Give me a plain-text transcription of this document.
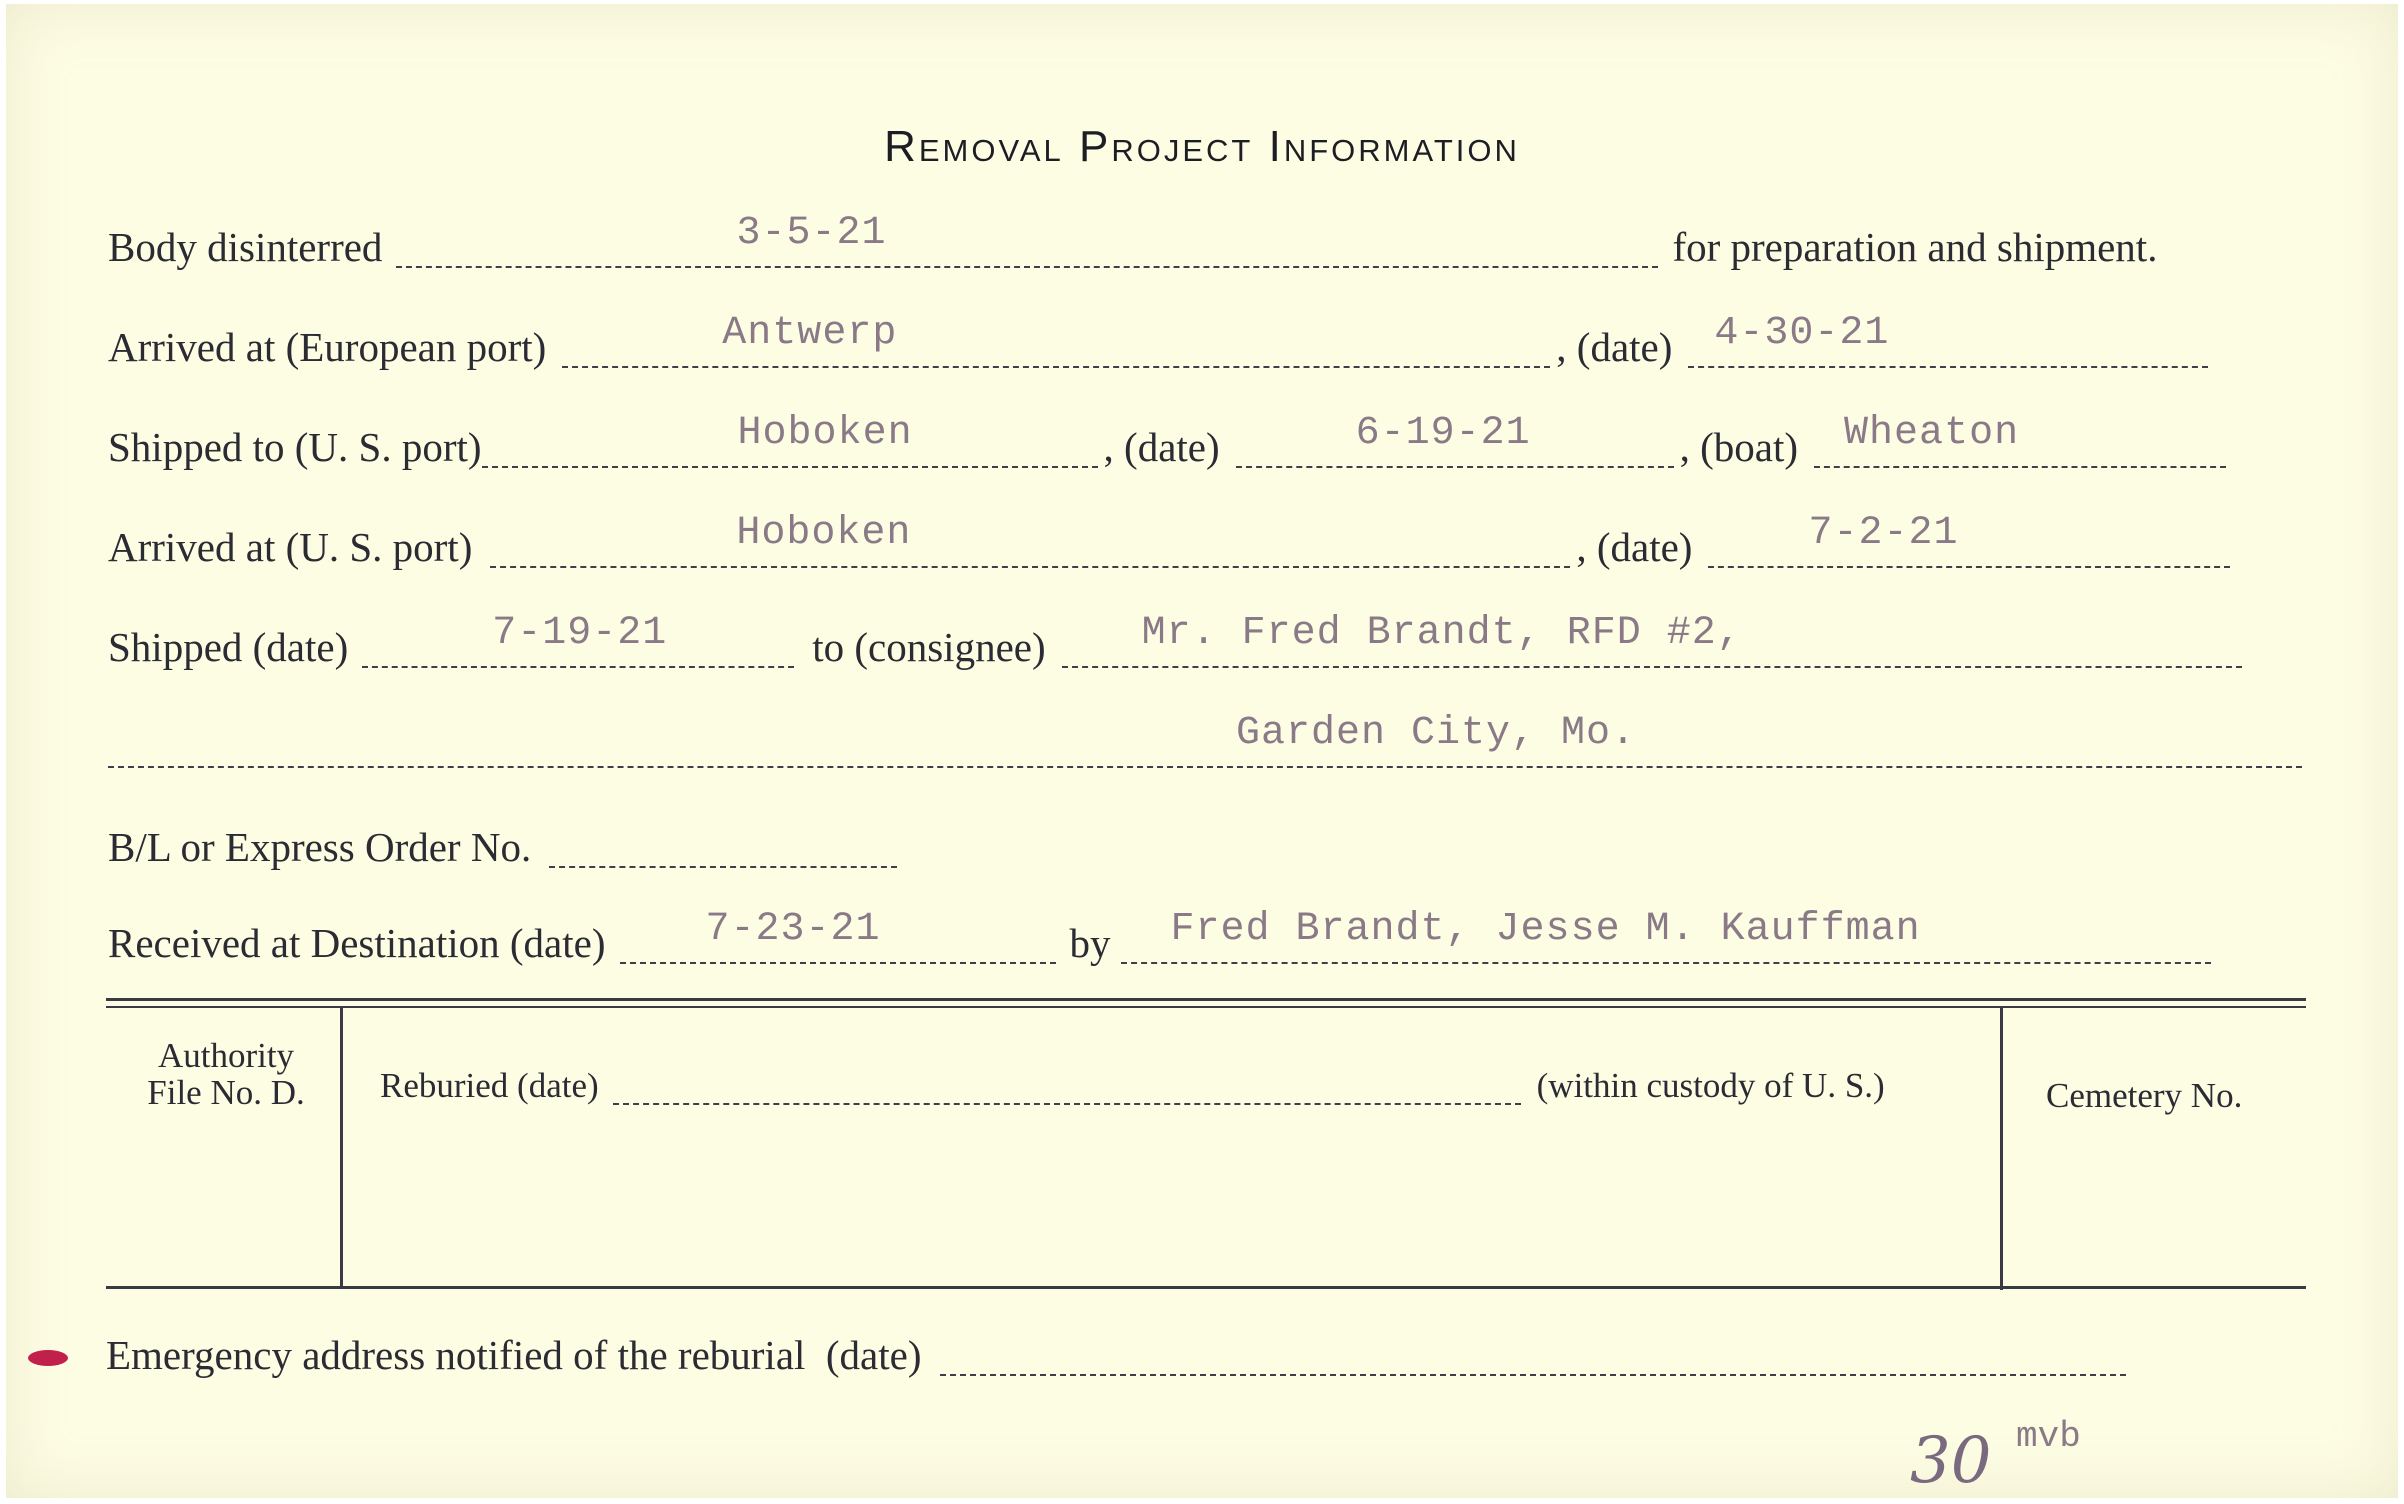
Removal Project Information
Body disinterred	3-5-21	for preparation and shipment.
Arrived at (European port)	Antwerp	, (date) 4-30-21
Shipped to (U. S. port)	Hoboken	, (date)	6-19-21	, (boat) Wheaton
Arrived at (U. S. port)	Hoboken	, (date)	7-2-21
Shipped (date)	7-19-21	to (consignee) Mr. Fred Brandt, RFD #2,
Garden City, Mo.
B/L or Express Order No.
Received at Destination (date)	7-23-21	by Fred Brandt, Jesse M. Kauffman
Authority
File No. D.	Reburied (date)	(within custody of U. S.)	Cemetery No.
Emergency address notified of the reburial  (date)
30 mvb
